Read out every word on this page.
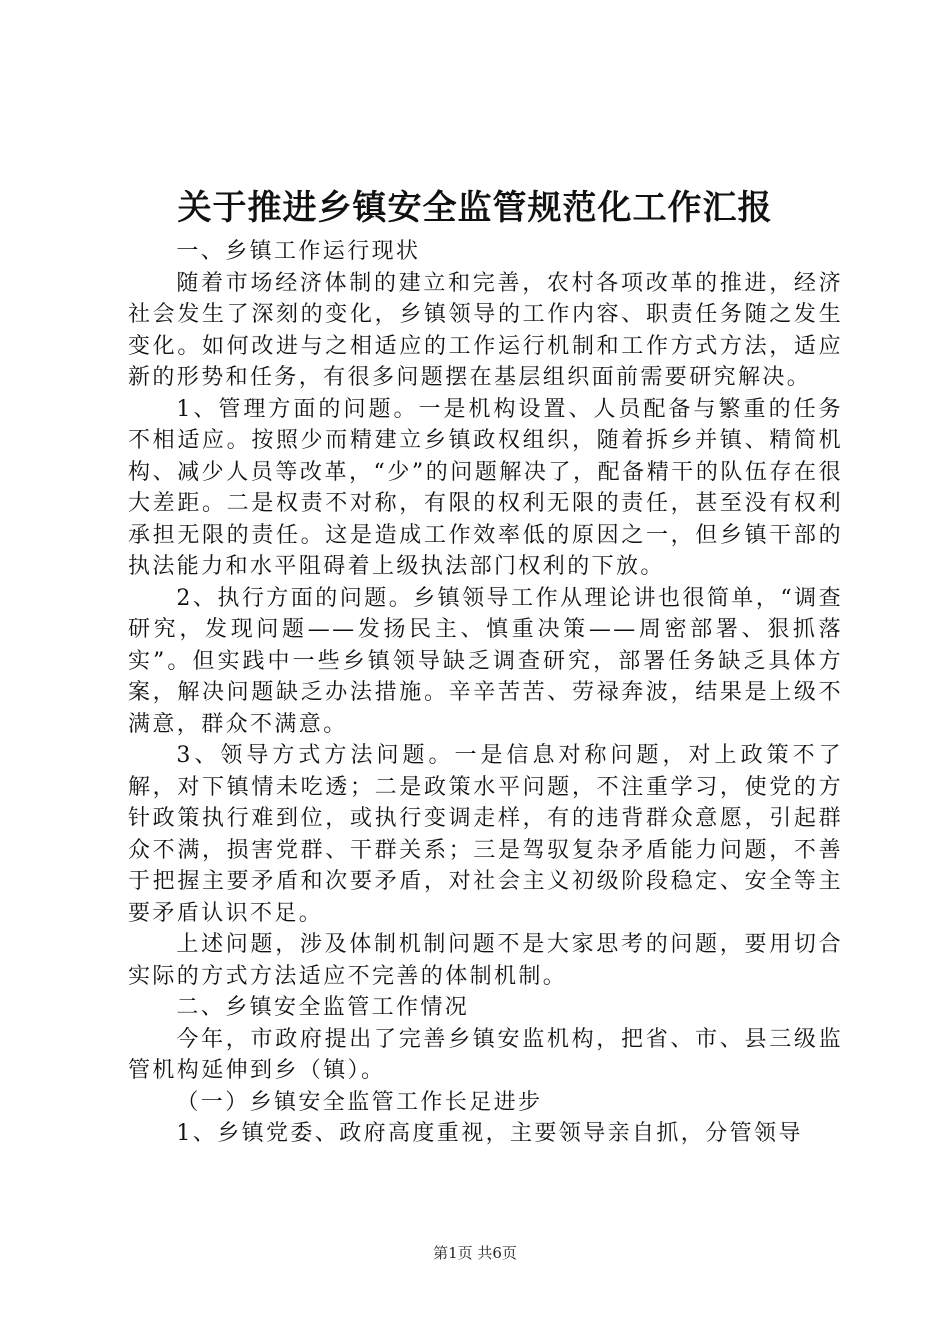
关于推进乡镇安全监管规范化工作汇报

一、乡镇工作运行现状

随着市场经济体制的建立和完善，农村各项改革的推进，经济社会发生了深刻的变化，乡镇领导的工作内容、职责任务随之发生变化。如何改进与之相适应的工作运行机制和工作方式方法，适应新的形势和任务，有很多问题摆在基层组织面前需要研究解决。

1、管理方面的问题。一是机构设置、人员配备与繁重的任务不相适应。按照少而精建立乡镇政权组织，随着拆乡并镇、精简机构、减少人员等改革，“少”的问题解决了，配备精干的队伍存在很大差距。二是权责不对称，有限的权利无限的责任，甚至没有权利承担无限的责任。这是造成工作效率低的原因之一，但乡镇干部的执法能力和水平阻碍着上级执法部门权利的下放。

2、执行方面的问题。乡镇领导工作从理论讲也很简单，“调查研究，发现问题——发扬民主、慎重决策——周密部署、狠抓落实”。但实践中一些乡镇领导缺乏调查研究，部署任务缺乏具体方案，解决问题缺乏办法措施。辛辛苦苦、劳禄奔波，结果是上级不满意，群众不满意。

3、领导方式方法问题。一是信息对称问题，对上政策不了解，对下镇情未吃透；二是政策水平问题，不注重学习，使党的方针政策执行难到位，或执行变调走样，有的违背群众意愿，引起群众不满，损害党群、干群关系；三是驾驭复杂矛盾能力问题，不善于把握主要矛盾和次要矛盾，对社会主义初级阶段稳定、安全等主要矛盾认识不足。

上述问题，涉及体制机制问题不是大家思考的问题，要用切合实际的方式方法适应不完善的体制机制。

二、乡镇安全监管工作情况

今年，市政府提出了完善乡镇安监机构，把省、市、县三级监管机构延伸到乡（镇）。

（一）乡镇安全监管工作长足进步

1、乡镇党委、政府高度重视，主要领导亲自抓，分管领导

第1页 共6页
